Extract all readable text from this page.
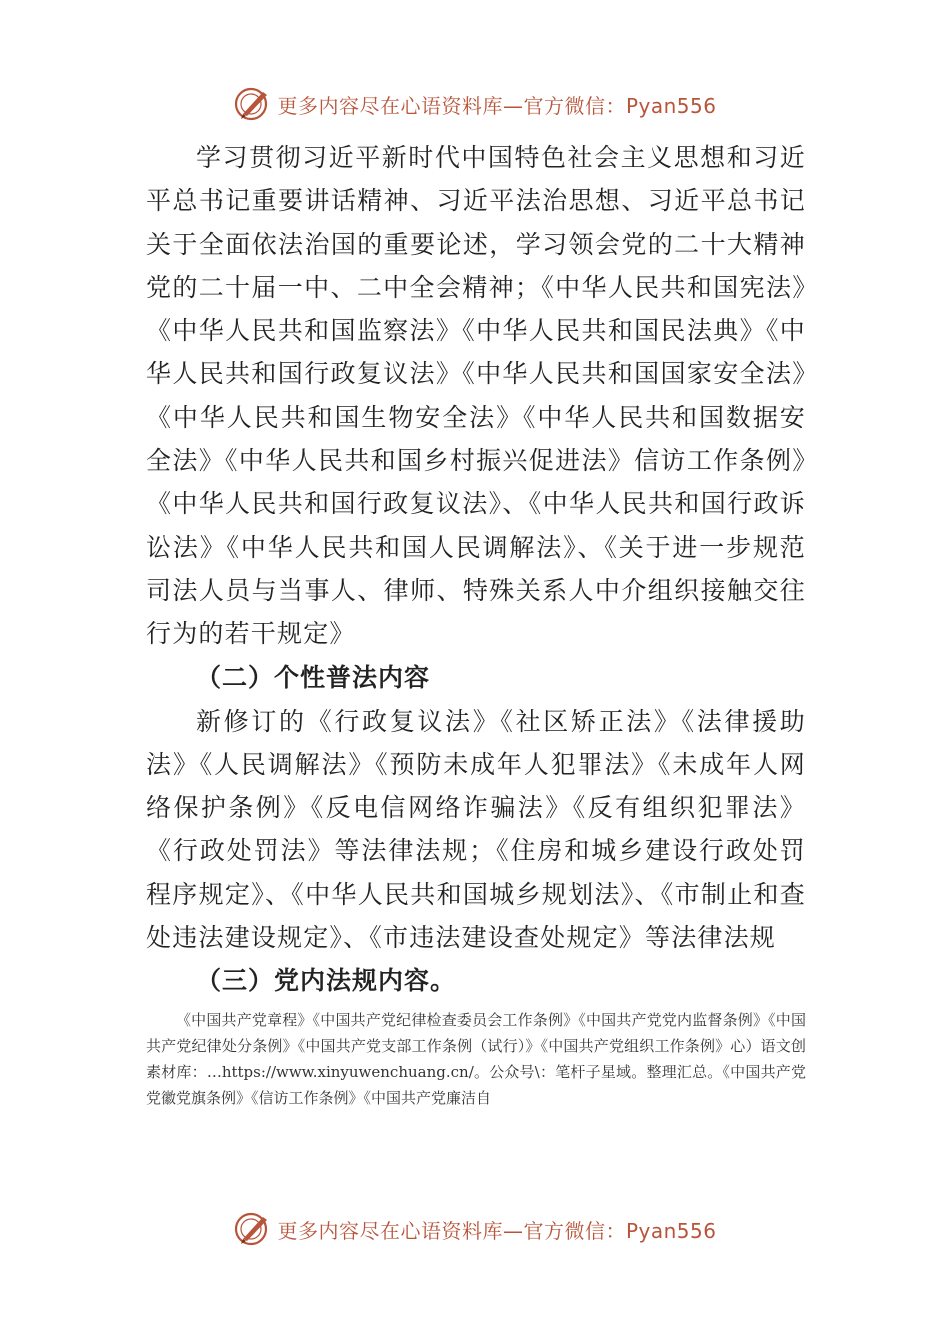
更多内容尽在心语资料库—官方微信：Pyan556

学习贯彻习近平新时代中国特色社会主义思想和习近平总书记重要讲话精神、习近平法治思想、习近平总书记关于全面依法治国的重要论述，学习领会党的二十大精神党的二十届一中、二中全会精神；《中华人民共和国宪法》《中华人民共和国监察法》《中华人民共和国民法典》《中华人民共和国行政复议法》《中华人民共和国国家安全法》《中华人民共和国生物安全法》《中华人民共和国数据安全法》《中华人民共和国乡村振兴促进法》信访工作条例》《中华人民共和国行政复议法》、《中华人民共和国行政诉讼法》《中华人民共和国人民调解法》、《关于进一步规范司法人员与当事人、律师、特殊关系人中介组织接触交往行为的若干规定》

（二）个性普法内容

新修订的《行政复议法》《社区矫正法》《法律援助法》《人民调解法》《预防未成年人犯罪法》《未成年人网络保护条例》《反电信网络诈骗法》《反有组织犯罪法》《行政处罚法》等法律法规；《住房和城乡建设行政处罚程序规定》、《中华人民共和国城乡规划法》、《市制止和查处违法建设规定》、《市违法建设查处规定》等法律法规

（三）党内法规内容。

《中国共产党章程》《中国共产党纪律检查委员会工作条例》《中国共产党党内监督条例》《中国共产党纪律处分条例》《中国共产党支部工作条例（试行）》《中国共产党组织工作条例》心）语文创素材库：…https://www.xinyuwenchuang.cn/。公众号\：笔杆子星域。整理汇总。《中国共产党党徽党旗条例》《信访工作条例》《中国共产党廉洁自

更多内容尽在心语资料库—官方微信：Pyan556
